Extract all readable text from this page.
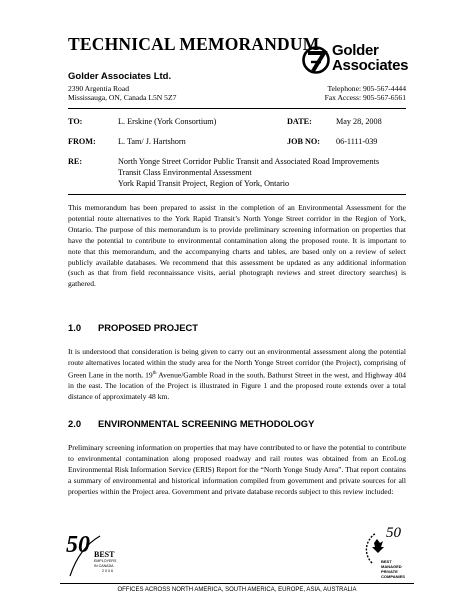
TECHNICAL MEMORANDUM Golder
Associates
Golder Associates Ltd.
2390 Argentia Road
Mississauga, ON, Canada L5N 5Z7
Telephone: 905-567-4444
Fax Access: 905-567-6561
TO:	L. Erskine (York Consortium)	DATE:	May 28, 2008
FROM:	L. Tam/ J. Hartshorn	JOB NO: 06-1111-039
RE:	North Yonge Street Corridor Public Transit and Associated Road Improvements
Transit Class Environmental Assessment
York Rapid Transit Project, Region of York, Ontario
This memorandum has been prepared to assist in the completion of an Environmental Assessment for the potential route alternatives to the York Rapid Transit’s North Yonge Street corridor in the Region of York, Ontario. The purpose of this memorandum is to provide preliminary screening information on properties that have the potential to contribute to environmental contamination along the proposed route. It is important to note that this memorandum, and the accompanying charts and tables, are based only on a review of select publicly available databases. We recommend that this assessment be updated as any additional information (such as that from field reconnaissance visits, aerial photograph reviews and street directory searches) is gathered.
1.0 PROPOSED PROJECT
It is understood that consideration is being given to carry out an environmental assessment along the potential route alternatives located within the study area for the North Yonge Street corridor (the Project), comprising of Green Lane in the north, 19th Avenue/Gamble Road in the south, Bathurst Street in the west, and Highway 404 in the east. The location of the Project is illustrated in Figure 1 and the proposed route extends over a total distance of approximately 48 km.
2.0 ENVIRONMENTAL SCREENING METHODOLOGY
Preliminary screening information on properties that may have contributed to or have the potential to contribute to environmental contamination along proposed roadway and rail routes was obtained from an EcoLog Environmental Risk Information Service (ERIS) Report for the “North Yonge Study Area”. That report contains a summary of environmental and historical information compiled from government and private sources for all properties within the Project area. Government and private database records subject to this review included:
50 BEST
EMPLOYERS
IN CANADA
2006
50
BEST
MANAGED
PRIVATE
COMPANIES
OFFICES ACROSS NORTH AMERICA, SOUTH AMERICA, EUROPE, ASIA, AUSTRALIA
